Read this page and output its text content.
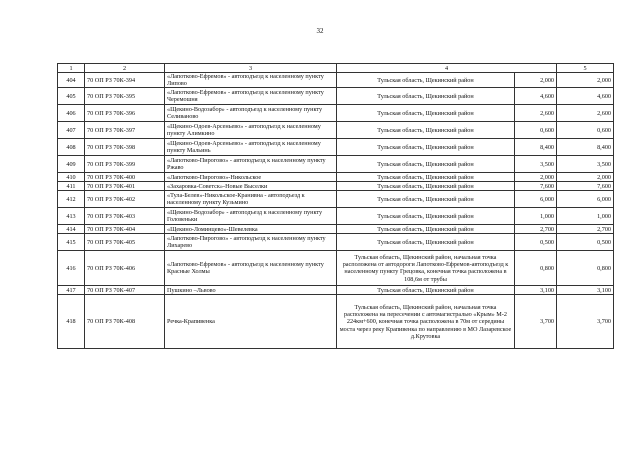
32
1	2	3	4		5
404	70 ОП РЗ 70К-394	«Лапотково-Ефремов» - автоподъезд к населенному пункту Липово	Тульская область, Щекинский район	2,000	2,000
405	70 ОП РЗ 70К-395	«Лапотково-Ефремов» - автоподъезд к населенному пункту Черемошня	Тульская область, Щекинский район	4,600	4,600
406	70 ОП РЗ 70К-396	«Щекино-Водозабор» - автоподъезд к населенному пункту Селиваново	Тульская область, Щекинский район	2,600	2,600
407	70 ОП РЗ 70К-397	«Щекино-Одоев-Арсеньево» - автоподъезд к населенному пункту Алимкино	Тульская область, Щекинский район	0,600	0,600
408	70 ОП РЗ 70К-398	«Щекино-Одоев-Арсеньево» - автоподъезд к населенному пункту Мальинь	Тульская область, Щекинский район	8,400	8,400
409	70 ОП РЗ 70К-399	«Лапотково-Пирогово» - автоподъезд к населенному пункту Ржаво	Тульская область, Щекинский район	3,500	3,500
410	70 ОП РЗ 70К-400	«Лапотково-Пирогово»-Никольское	Тульская область, Щекинский район	2,000	2,000
411	70 ОП РЗ 70К-401	«Захаровка-Советск»-Новые Выселки	Тульская область, Щекинский район	7,600	7,600
412	70 ОП РЗ 70К-402	«Тула-Белев»-Никольское-Кранивна - автоподъезд к населенному пункту Кузьмино	Тульская область, Щекинский район	6,000	6,000
413	70 ОП РЗ 70К-403	«Щекино-Водозабор» - автоподъезд к населенному пункту Головеньки	Тульская область, Щекинский район	1,000	1,000
414	70 ОП РЗ 70К-404	«Щекино-Ломинцево»-Шевелевка	Тульская область, Щекинский район	2,700	2,700
415	70 ОП РЗ 70К-405	«Лапотково-Пирогово» - автоподъезд к населенному пункту Лихарево	Тульская область, Щекинский район	0,500	0,500
416	70 ОП РЗ 70К-406	«Лапотково-Ефремов» - автоподъезд к населенному пункту Красные Холмы	Тульская область, Щекинский район, начальная точка расположена от автодороги Лапотково-Ефремов-автоподъезд к населенному пункту Грецовка, конечная точка расположена в 108,6м от трубы	0,800	0,800
417	70 ОП РЗ 70К-407	Пушкино –Львово	Тульская область, Щекинский район	3,100	3,100
418	70 ОП РЗ 70К-408	Речка-Крапивенка	Тульская область, Щекинский район, начальная точка расположена на пересечении с автомагистралью «Крым» М-2 224км+600, конечная точка расположена в 70м от середины моста через реку Крапивенка по направлению в МО Лазаревское д.Крутовка	3,700	3,700
